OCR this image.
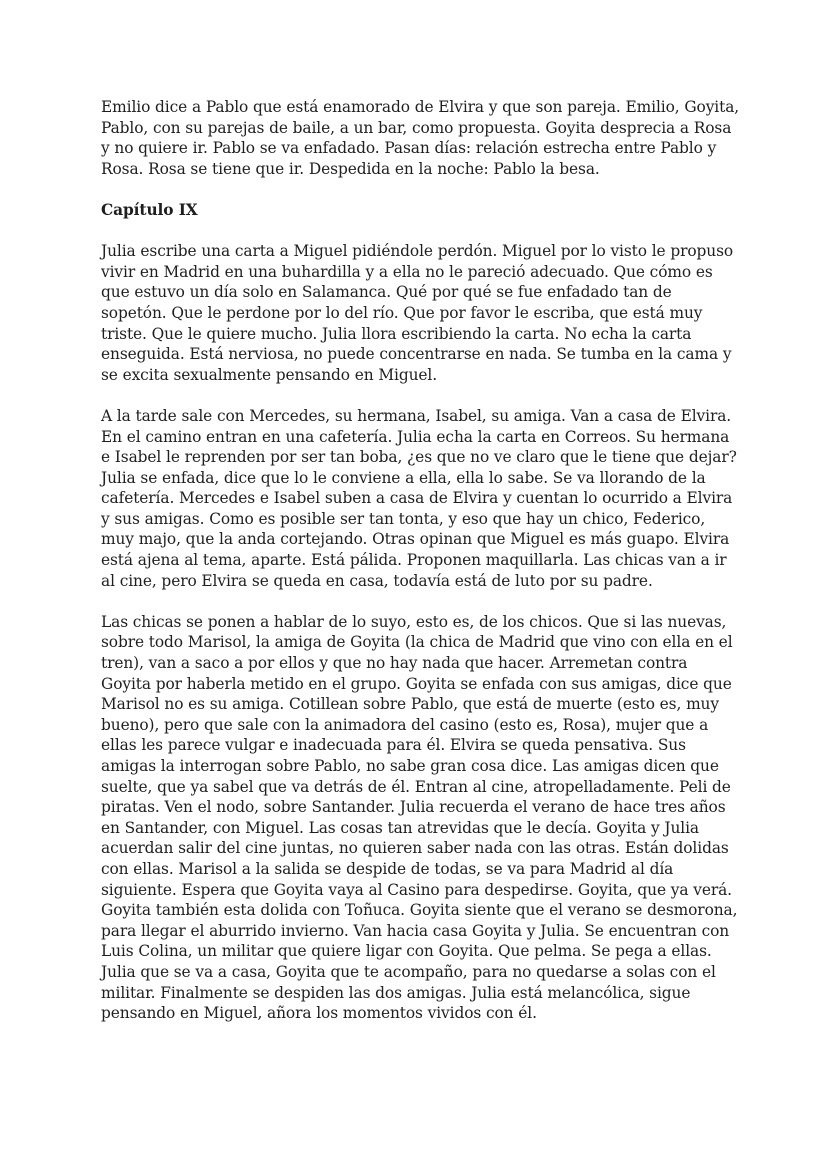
Emilio dice a Pablo que está enamorado de Elvira y que son pareja. Emilio, Goyita, Pablo, con su parejas de baile, a un bar, como propuesta. Goyita desprecia a Rosa y no quiere ir. Pablo se va enfadado. Pasan días: relación estrecha entre Pablo y Rosa. Rosa se tiene que ir. Despedida en la noche: Pablo la besa.

Capítulo IX

Julia escribe una carta a Miguel pidiéndole perdón. Miguel por lo visto le propuso vivir en Madrid en una buhardilla y a ella no le pareció adecuado. Que cómo es que estuvo un día solo en Salamanca. Qué por qué se fue enfadado tan de sopetón. Que le perdone por lo del río. Que por favor le escriba, que está muy triste. Que le quiere mucho. Julia llora escribiendo la carta. No echa la carta enseguida. Está nerviosa, no puede concentrarse en nada. Se tumba en la cama y se excita sexualmente pensando en Miguel.

A la tarde sale con Mercedes, su hermana, Isabel, su amiga. Van a casa de Elvira. En el camino entran en una cafetería. Julia echa la carta en Correos. Su hermana e Isabel le reprenden por ser tan boba, ¿es que no ve claro que le tiene que dejar? Julia se enfada, dice que lo le conviene a ella, ella lo sabe. Se va llorando de la cafetería. Mercedes e Isabel suben a casa de Elvira y cuentan lo ocurrido a Elvira y sus amigas. Como es posible ser tan tonta, y eso que hay un chico, Federico, muy majo, que la anda cortejando. Otras opinan que Miguel es más guapo. Elvira está ajena al tema, aparte. Está pálida. Proponen maquillarla. Las chicas van a ir al cine, pero Elvira se queda en casa, todavía está de luto por su padre.

Las chicas se ponen a hablar de lo suyo, esto es, de los chicos. Que si las nuevas, sobre todo Marisol, la amiga de Goyita (la chica de Madrid que vino con ella en el tren), van a saco a por ellos y que no hay nada que hacer. Arremetan contra Goyita por haberla metido en el grupo. Goyita se enfada con sus amigas, dice que Marisol no es su amiga. Cotillean sobre Pablo, que está de muerte (esto es, muy bueno), pero que sale con la animadora del casino (esto es, Rosa), mujer que a ellas les parece vulgar e inadecuada para él. Elvira se queda pensativa. Sus amigas la interrogan sobre Pablo, no sabe gran cosa dice. Las amigas dicen que suelte, que ya sabel que va detrás de él. Entran al cine, atropelladamente. Peli de piratas. Ven el nodo, sobre Santander. Julia recuerda el verano de hace tres años en Santander, con Miguel. Las cosas tan atrevidas que le decía. Goyita y Julia acuerdan salir del cine juntas, no quieren saber nada con las otras. Están dolidas con ellas. Marisol a la salida se despide de todas, se va para Madrid al día siguiente. Espera que Goyita vaya al Casino para despedirse. Goyita, que ya verá. Goyita también esta dolida con Toñuca. Goyita siente que el verano se desmorona, para llegar el aburrido invierno. Van hacia casa Goyita y Julia. Se encuentran con Luis Colina, un militar que quiere ligar con Goyita. Que pelma. Se pega a ellas. Julia que se va a casa, Goyita que te acompaño, para no quedarse a solas con el militar. Finalmente se despiden las dos amigas. Julia está melancólica, sigue pensando en Miguel, añora los momentos vividos con él.
